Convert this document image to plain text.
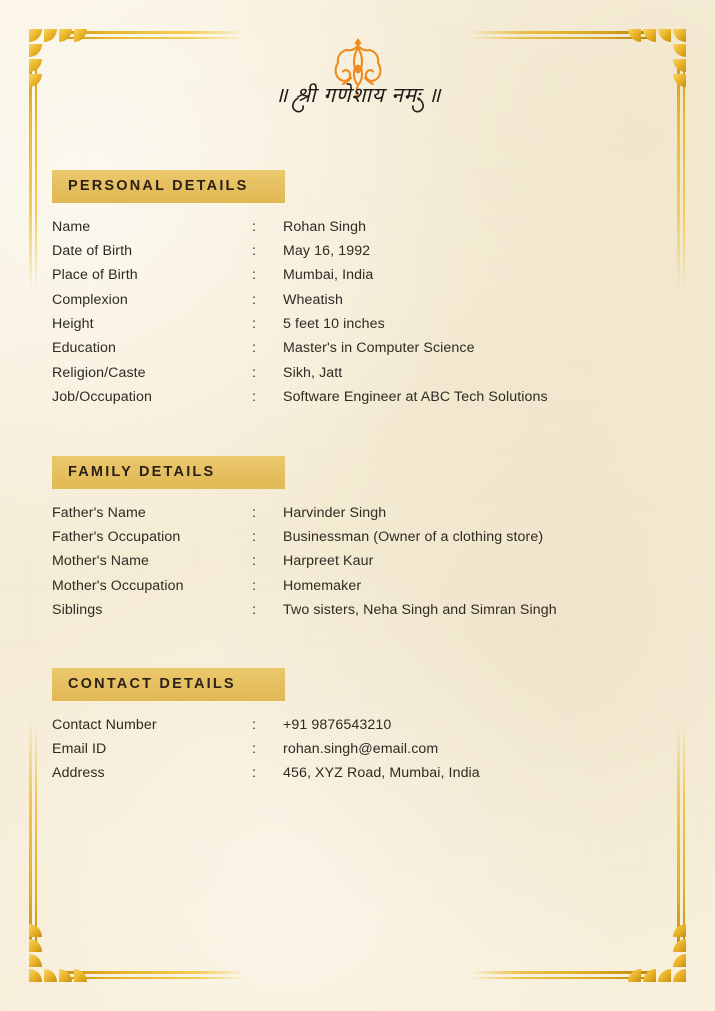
॥ श्री गणेशाय नमः ॥
PERSONAL DETAILS
Name	:	Rohan Singh
Date of Birth	:	May 16, 1992
Place of Birth	:	Mumbai, India
Complexion	:	Wheatish
Height	:	5 feet 10 inches
Education	:	Master's in Computer Science
Religion/Caste	:	Sikh, Jatt
Job/Occupation	:	Software Engineer at ABC Tech Solutions
FAMILY DETAILS
Father's Name	:	Harvinder Singh
Father's Occupation	:	Businessman (Owner of a clothing store)
Mother's Name	:	Harpreet Kaur
Mother's Occupation	:	Homemaker
Siblings	:	Two sisters, Neha Singh and Simran Singh
CONTACT DETAILS
Contact Number	:	+91 9876543210
Email ID	:	rohan.singh@email.com
Address	:	456, XYZ Road, Mumbai, India
